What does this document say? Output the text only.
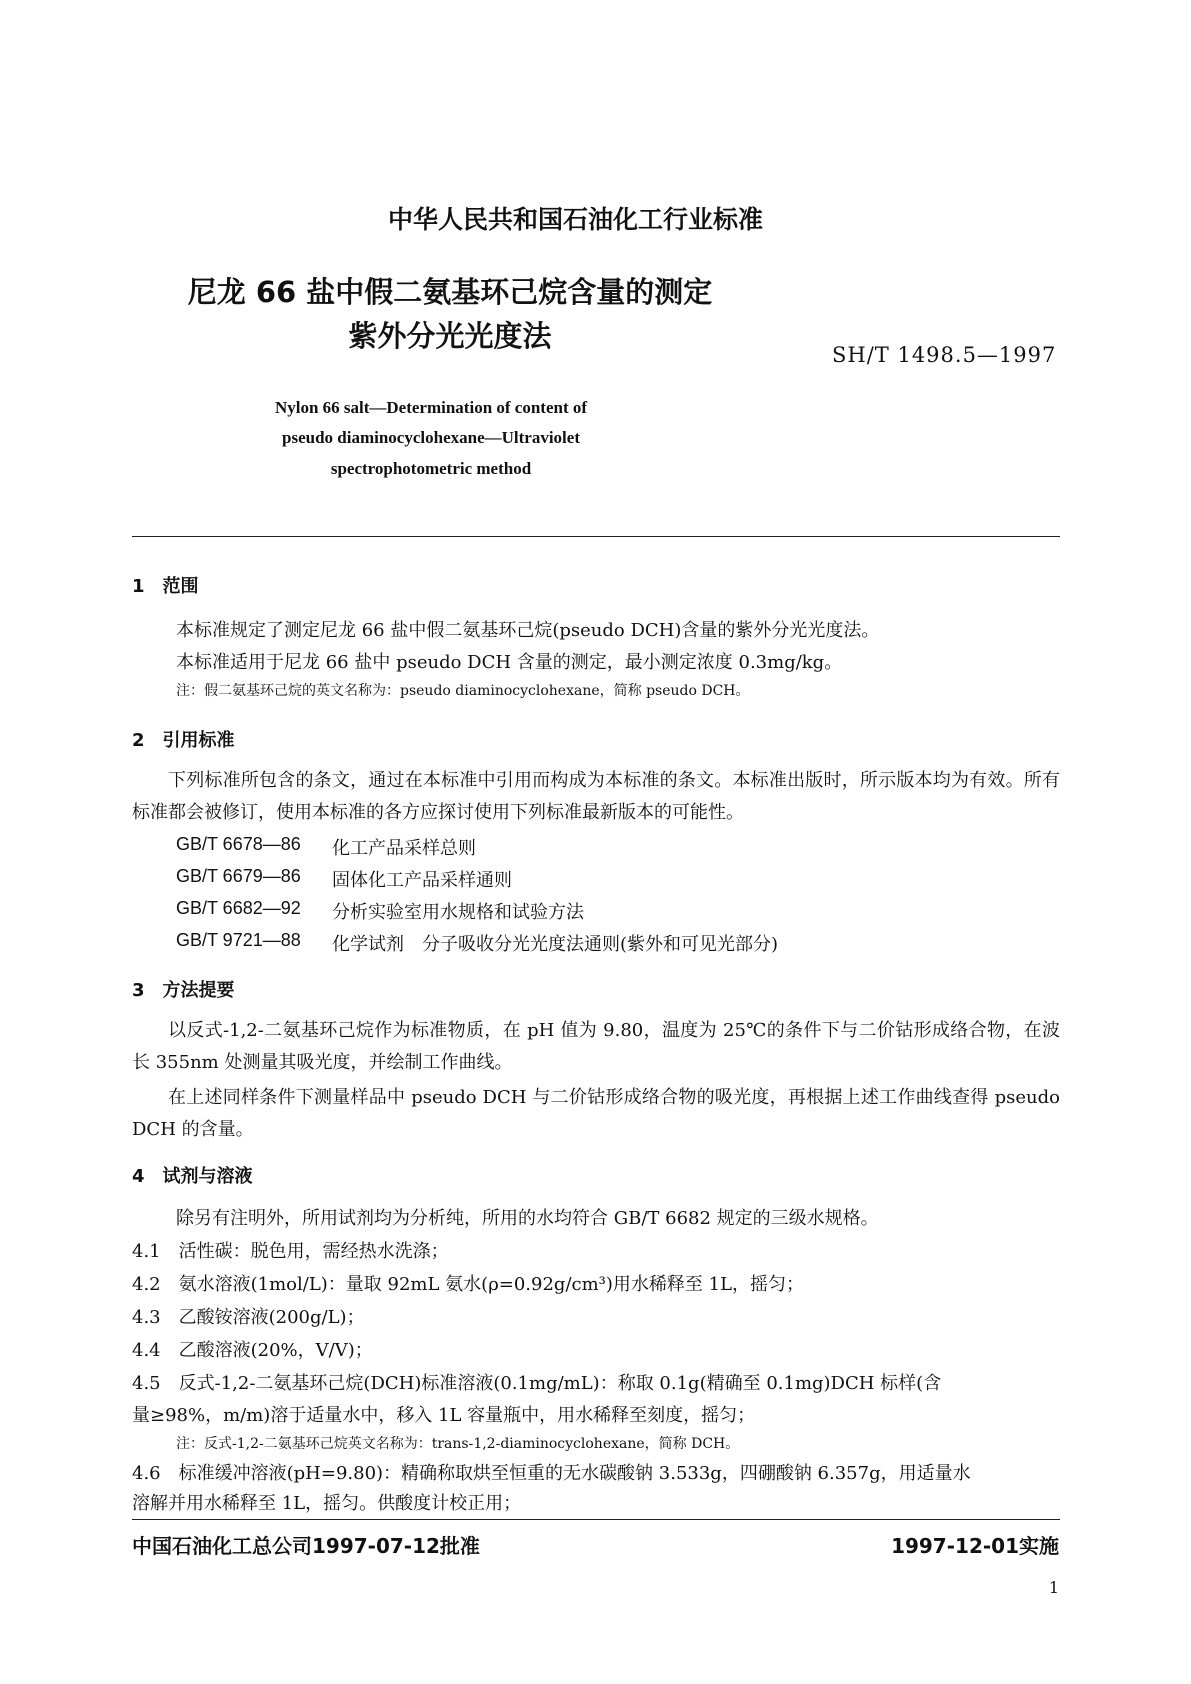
中华人民共和国石油化工行业标准
尼龙 66 盐中假二氨基环己烷含量的测定
紫外分光光度法
SH/T 1498.5—1997
Nylon 66 salt—Determination of content of
pseudo diaminocyclohexane—Ultraviolet
spectrophotometric method
1　范围
本标准规定了测定尼龙 66 盐中假二氨基环己烷(pseudo DCH)含量的紫外分光光度法。
本标准适用于尼龙 66 盐中 pseudo DCH 含量的测定，最小测定浓度 0.3mg/kg。
注：假二氨基环己烷的英文名称为：pseudo diaminocyclohexane，简称 pseudo DCH。
2　引用标准
下列标准所包含的条文，通过在本标准中引用而构成为本标准的条文。本标准出版时，所示版本均为有效。所有标准都会被修订，使用本标准的各方应探讨使用下列标准最新版本的可能性。
GB/T 6678—86 化工产品采样总则
GB/T 6679—86 固体化工产品采样通则
GB/T 6682—92 分析实验室用水规格和试验方法
GB/T 9721—88 化学试剂　分子吸收分光光度法通则(紫外和可见光部分)
3　方法提要
以反式-1,2-二氨基环己烷作为标准物质，在 pH 值为 9.80，温度为 25℃的条件下与二价钴形成络合物，在波长 355nm 处测量其吸光度，并绘制工作曲线。
在上述同样条件下测量样品中 pseudo DCH 与二价钴形成络合物的吸光度，再根据上述工作曲线查得 pseudo DCH 的含量。
4　试剂与溶液
除另有注明外，所用试剂均为分析纯，所用的水均符合 GB/T 6682 规定的三级水规格。
4.1　活性碳：脱色用，需经热水洗涤；
4.2　氨水溶液(1mol/L)：量取 92mL 氨水(ρ=0.92g/cm³)用水稀释至 1L，摇匀；
4.3　乙酸铵溶液(200g/L)；
4.4　乙酸溶液(20%，V/V)；
4.5　反式-1,2-二氨基环己烷(DCH)标准溶液(0.1mg/mL)：称取 0.1g(精确至 0.1mg)DCH 标样(含
量≥98%，m/m)溶于适量水中，移入 1L 容量瓶中，用水稀释至刻度，摇匀；
注：反式-1,2-二氨基环己烷英文名称为：trans-1,2-diaminocyclohexane，简称 DCH。
4.6　标准缓冲溶液(pH=9.80)：精确称取烘至恒重的无水碳酸钠 3.533g，四硼酸钠 6.357g，用适量水
溶解并用水稀释至 1L，摇匀。供酸度计校正用；
中国石油化工总公司1997-07-12批准	1997-12-01实施
1
